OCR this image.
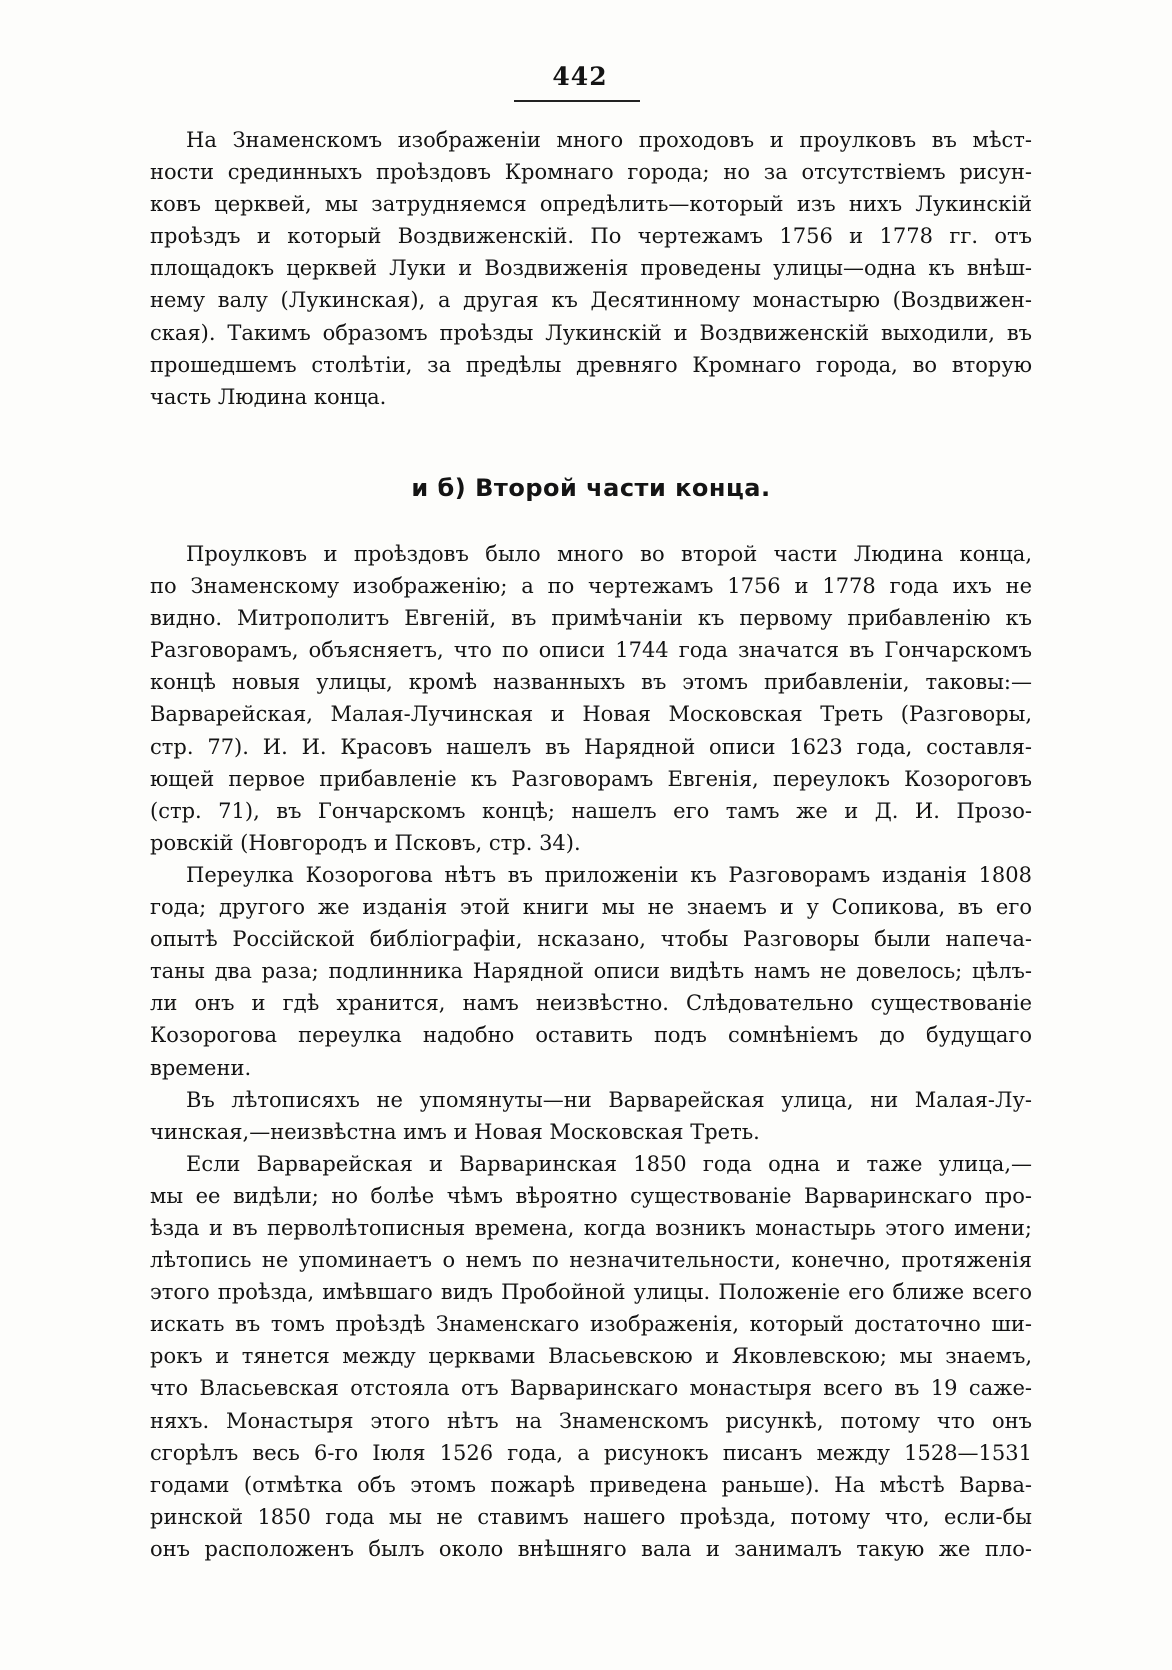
442
На Знаменскомъ изображенiи много проходовъ и проулковъ въ мѣст-
ности срединныхъ проѣздовъ Кромнаго города; но за отсутствiемъ рисун-
ковъ церквей, мы затрудняемся опредѣлить—который изъ нихъ Лукинскiй
проѣздъ и который Воздвиженскiй. По чертежамъ 1756 и 1778 гг. отъ
площадокъ церквей Луки и Воздвиженiя проведены улицы—одна къ внѣш-
нему валу (Лукинская), а другая къ Десятинному монастырю (Воздвижен-
ская). Такимъ образомъ проѣзды Лукинскiй и Воздвиженскiй выходили, въ
прошедшемъ столѣтiи, за предѣлы древняго Кромнаго города, во вторую
часть Людина конца.
и б) Второй части конца.
Проулковъ и проѣздовъ было много во второй части Людина конца,
по Знаменскому изображенiю; а по чертежамъ 1756 и 1778 года ихъ не
видно. Митрополитъ Евгенiй, въ примѣчанiи къ первому прибавленiю къ
Разговорамъ, объясняетъ, что по описи 1744 года значатся въ Гончарскомъ
концѣ новыя улицы, кромѣ названныхъ въ этомъ прибавленiи, таковы:—
Варварейская, Малая-Лучинская и Новая Московская Треть (Разговоры,
стр. 77). И. И. Красовъ нашелъ въ Нарядной описи 1623 года, составля-
ющей первое прибавленiе къ Разговорамъ Евгенiя, переулокъ Козороговъ
(стр. 71), въ Гончарскомъ концѣ; нашелъ его тамъ же и Д. И. Прозо-
ровскiй (Новгородъ и Псковъ, стр. 34).
Переулка Козорогова нѣтъ въ приложенiи къ Разговорамъ изданiя 1808
года; другого же изданiя этой книги мы не знаемъ и у Сопикова, въ его
опытѣ Россiйской библiографiи, нсказано, чтобы Разговоры были напеча-
таны два раза; подлинника Нарядной описи видѣть намъ не довелось; цѣлъ-
ли онъ и гдѣ хранится, намъ неизвѣстно. Слѣдовательно существованiе
Козорогова переулка надобно оставить подъ сомнѣнiемъ до будущаго
времени.
Въ лѣтописяхъ не упомянуты—ни Варварейская улица, ни Малая-Лу-
чинская,—неизвѣстна имъ и Новая Московская Треть.
Если Варварейская и Варваринская 1850 года одна и таже улица,—
мы ее видѣли; но болѣе чѣмъ вѣроятно существованiе Варваринскаго про-
ѣзда и въ перволѣтописныя времена, когда возникъ монастырь этого имени;
лѣтопись не упоминаетъ о немъ по незначительности, конечно, протяженiя
этого проѣзда, имѣвшаго видъ Пробойной улицы. Положенiе его ближе всего
искать въ томъ проѣздѣ Знаменскаго изображенiя, который достаточно ши-
рокъ и тянется между церквами Власьевскою и Яковлевскою; мы знаемъ,
что Власьевская отстояла отъ Варваринскаго монастыря всего въ 19 саже-
няхъ. Монастыря этого нѣтъ на Знаменскомъ рисункѣ, потому что онъ
сгорѣлъ весь 6-го Iюля 1526 года, а рисунокъ писанъ между 1528—1531
годами (отмѣтка объ этомъ пожарѣ приведена раньше). На мѣстѣ Варва-
ринской 1850 года мы не ставимъ нашего проѣзда, потому что, если-бы
онъ расположенъ былъ около внѣшняго вала и занималъ такую же пло-
